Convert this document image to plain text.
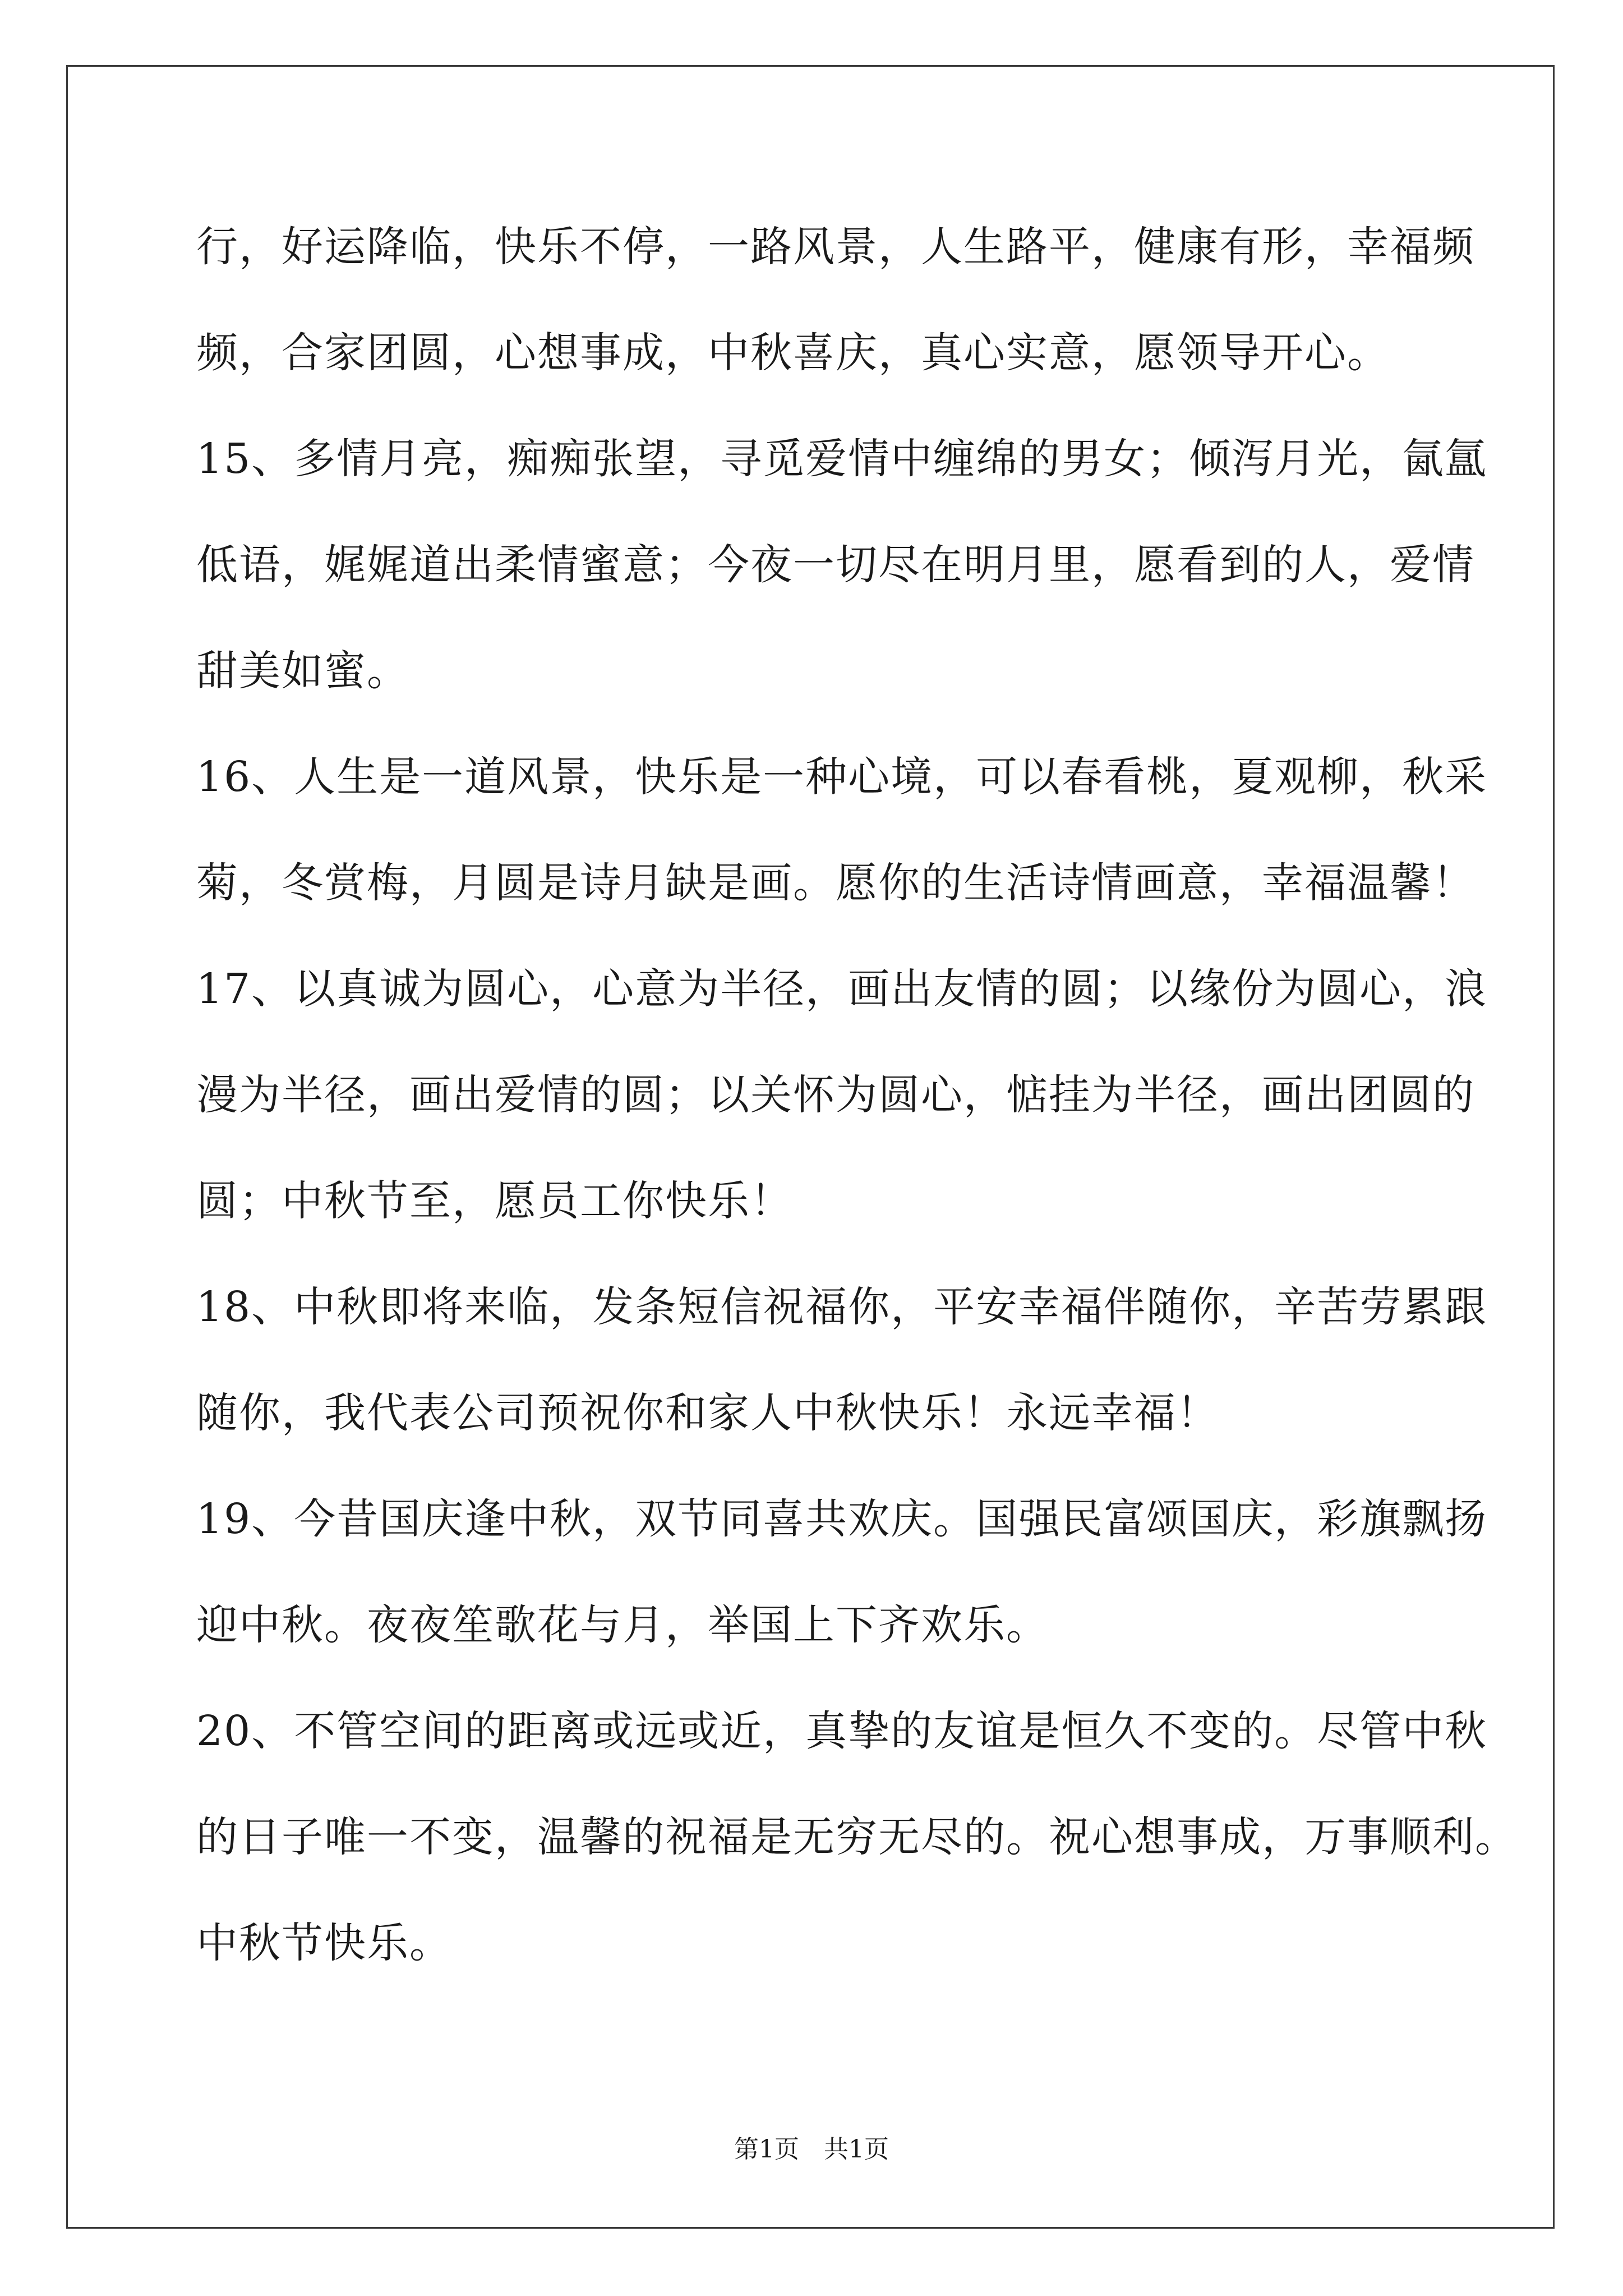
行，好运降临，快乐不停，一路风景，人生路平，健康有形，幸福频
频，合家团圆，心想事成，中秋喜庆，真心实意，愿领导开心。
15、多情月亮，痴痴张望，寻觅爱情中缠绵的男女；倾泻月光，氤氲
低语，娓娓道出柔情蜜意；今夜一切尽在明月里，愿看到的人，爱情
甜美如蜜。
16、人生是一道风景，快乐是一种心境，可以春看桃，夏观柳，秋采
菊，冬赏梅，月圆是诗月缺是画。愿你的生活诗情画意，幸福温馨！
17、以真诚为圆心，心意为半径，画出友情的圆；以缘份为圆心，浪
漫为半径，画出爱情的圆；以关怀为圆心，惦挂为半径，画出团圆的
圆；中秋节至，愿员工你快乐！
18、中秋即将来临，发条短信祝福你，平安幸福伴随你，辛苦劳累跟
随你，我代表公司预祝你和家人中秋快乐！永远幸福！
19、今昔国庆逢中秋，双节同喜共欢庆。国强民富颂国庆，彩旗飘扬
迎中秋。夜夜笙歌花与月，举国上下齐欢乐。
20、不管空间的距离或远或近，真挚的友谊是恒久不变的。尽管中秋
的日子唯一不变，温馨的祝福是无穷无尽的。祝心想事成，万事顺利。
中秋节快乐。
第1页　共1页
